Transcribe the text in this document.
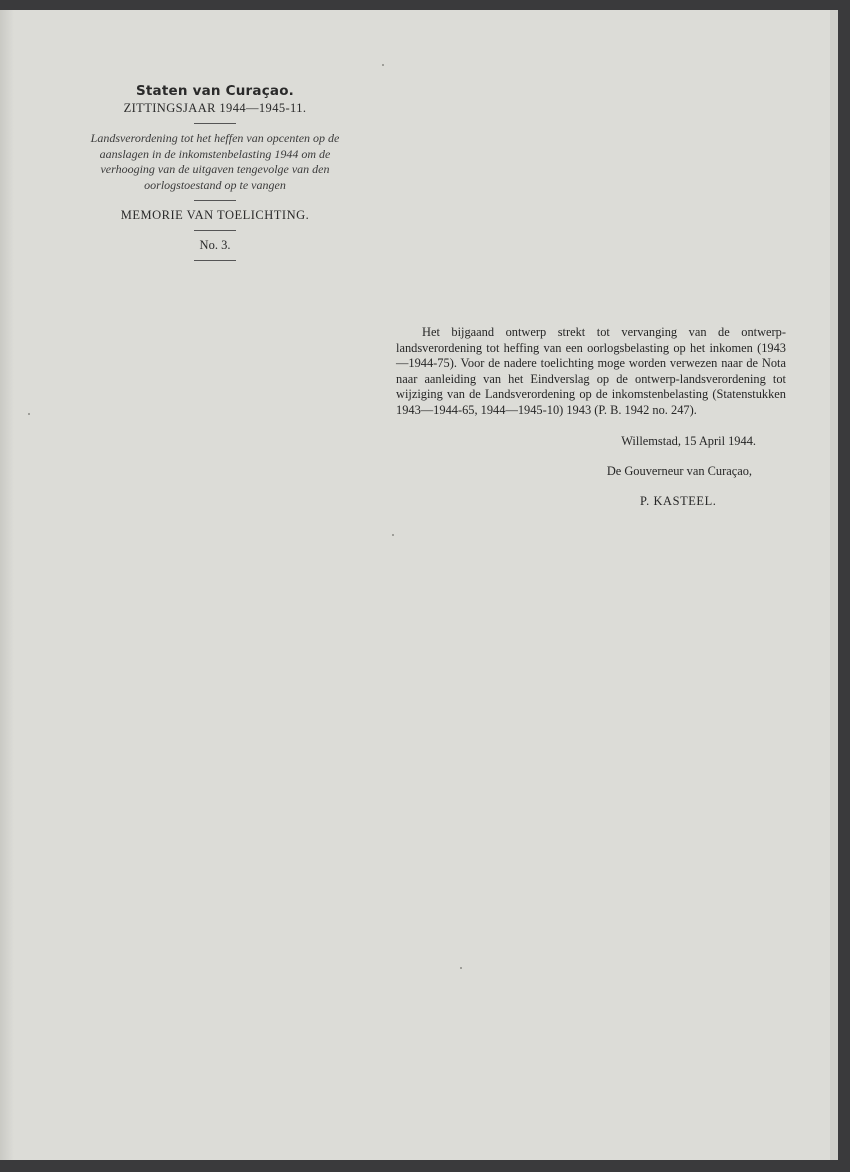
Staten van Curaçao.
ZITTINGSJAAR 1944—1945-11.
Landsverordening tot het heffen van opcenten op de aanslagen in de inkomstenbelasting 1944 om de verhooging van de uitgaven tengevolge van den oorlogstoestand op te vangen
MEMORIE VAN TOELICHTING.
No. 3.

Het bijgaand ontwerp strekt tot vervanging van de ontwerp-landsverordening tot heffing van een oorlogsbelasting op het inkomen (1943—1944-75). Voor de nadere toelichting moge worden verwezen naar de Nota naar aanleiding van het Eindverslag op de ontwerp-landsverordening tot wijziging van de Landsverordening op de inkomstenbelasting (Statenstukken 1943—1944-65, 1944—1945-10) 1943 (P. B. 1942 no. 247).

Willemstad, 15 April 1944.
De Gouverneur van Curaçao,
P. KASTEEL.
